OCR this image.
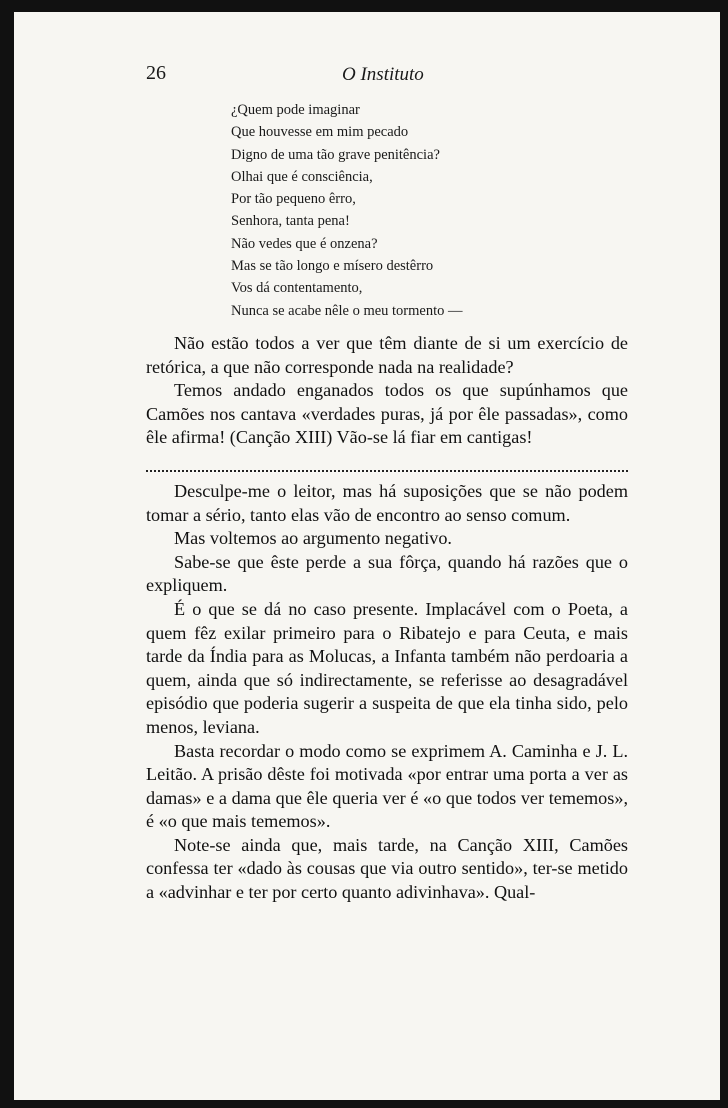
26	O Instituto
¿Quem pode imaginar
Que houvesse em mim pecado
Digno de uma tão grave penitência?
Olhai que é consciência,
Por tão pequeno êrro,
Senhora, tanta pena!
Não vedes que é onzena?
Mas se tão longo e mísero destêrro
Vos dá contentamento,
Nunca se acabe nêle o meu tormento —

Não estão todos a ver que têm diante de si um exercício de retórica, a que não corresponde nada na realidade?

Temos andado enganados todos os que supúnhamos que Camões nos cantava «verdades puras, já por êle passadas», como êle afirma! (Canção XIII) Vão-se lá fiar em cantigas!

Desculpe-me o leitor, mas há suposições que se não podem tomar a sério, tanto elas vão de encontro ao senso comum.

Mas voltemos ao argumento negativo.

Sabe-se que êste perde a sua fôrça, quando há razões que o expliquem.

É o que se dá no caso presente. Implacável com o Poeta, a quem fêz exilar primeiro para o Ribatejo e para Ceuta, e mais tarde da Índia para as Molucas, a Infanta também não perdoaria a quem, ainda que só indirectamente, se referisse ao desagradável episódio que poderia sugerir a suspeita de que ela tinha sido, pelo menos, leviana.

Basta recordar o modo como se exprimem A. Caminha e J. L. Leitão. A prisão dêste foi motivada «por entrar uma porta a ver as damas» e a dama que êle queria ver é «o que todos ver tememos», é «o que mais tememos».

Note-se ainda que, mais tarde, na Canção XIII, Camões confessa ter «dado às cousas que via outro sentido», ter-se metido a «advinhar e ter por certo quanto adivinhava». Qual-
